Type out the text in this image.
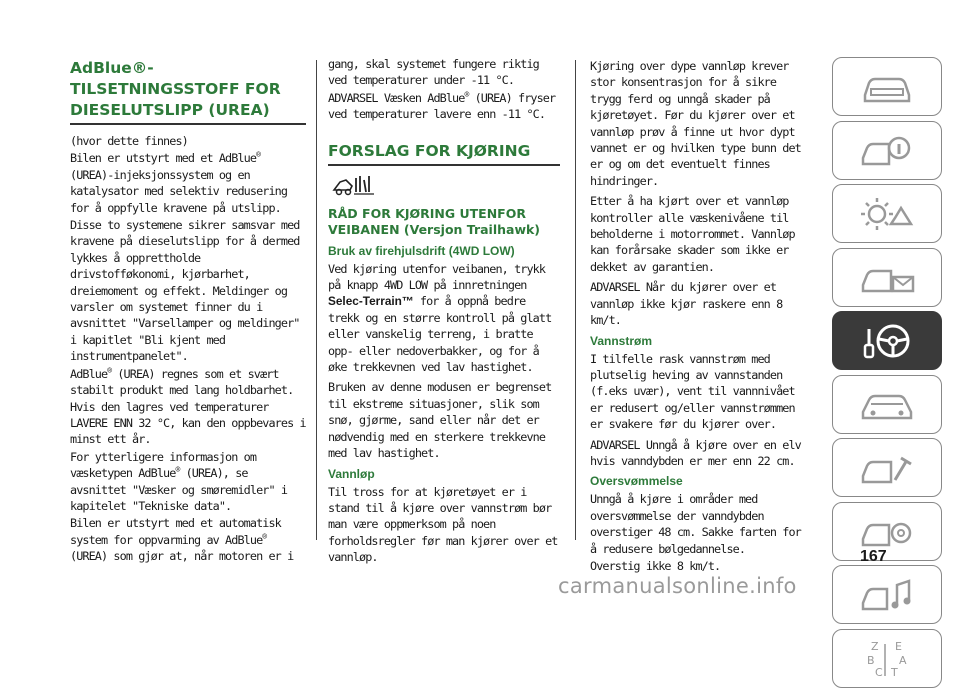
AdBlue®-
TILSETNINGSSTOFF FOR
DIESELUTSLIPP (UREA)

(hvor dette finnes)

Bilen er utstyrt med et AdBlue® (UREA)-injeksjonssystem og en katalysator med selektiv redusering for å oppfylle kravene på utslipp.

Disse to systemene sikrer samsvar med kravene på dieselutslipp for å dermed lykkes å opprettholde drivstofføkonomi, kjørbarhet, dreiemoment og effekt. Meldinger og varsler om systemet finner du i avsnittet "Varsellamper og meldinger" i kapitlet "Bli kjent med instrumentpanelet".

AdBlue® (UREA) regnes som et svært stabilt produkt med lang holdbarhet. Hvis den lagres ved temperaturer LAVERE ENN 32 °C, kan den oppbevares i minst ett år.

For ytterligere informasjon om væsketypen AdBlue® (UREA), se avsnittet "Væsker og smøremidler" i kapitelet "Tekniske data".

Bilen er utstyrt med et automatisk system for oppvarming av AdBlue® (UREA) som gjør at, når motoren er i

gang, skal systemet fungere riktig ved temperaturer under -11 °C.

ADVARSEL Væsken AdBlue® (UREA) fryser ved temperaturer lavere enn -11 °C.

FORSLAG FOR KJØRING
RÅD FOR KJØRING UTENFOR VEIBANEN (Versjon Trailhawk)
Bruk av firehjulsdrift (4WD LOW)

Ved kjøring utenfor veibanen, trykk på knapp 4WD LOW på innretningen Selec-Terrain™ for å oppnå bedre trekk og en større kontroll på glatt eller vanskelig terreng, i bratte opp- eller nedoverbakker, og for å øke trekkevnen ved lav hastighet.

Bruken av denne modusen er begrenset til ekstreme situasjoner, slik som snø, gjørme, sand eller når det er nødvendig med en sterkere trekkevne med lav hastighet.

Vannløp

Til tross for at kjøretøyet er i stand til å kjøre over vannstrøm bør man være oppmerksom på noen forholdsregler før man kjører over et vannløp.

Kjøring over dype vannløp krever stor konsentrasjon for å sikre trygg ferd og unngå skader på kjøretøyet. Før du kjører over et vannløp prøv å finne ut hvor dypt vannet er og hvilken type bunn det er og om det eventuelt finnes hindringer.

Etter å ha kjørt over et vannløp kontroller alle væskenivåene til beholderne i motorrommet. Vannløp kan forårsake skader som ikke er dekket av garantien.

ADVARSEL Når du kjører over et vannløp ikke kjør raskere enn 8 km/t.

Vannstrøm

I tilfelle rask vannstrøm med plutselig heving av vannstanden (f.eks uvær), vent til vannnivået er redusert og/eller vannstrømmen er svakere før du kjører over.

ADVARSEL Unngå å kjøre over en elv hvis vanndybden er mer enn 22 cm.

Oversvømmelse

Unngå å kjøre i områder med oversvømmelse der vanndybden overstiger 48 cm. Sakke farten for å redusere bølgedannelse.

Overstig ikke 8 km/t.

Z E
B A
C T
167
carmanualsonline.info
